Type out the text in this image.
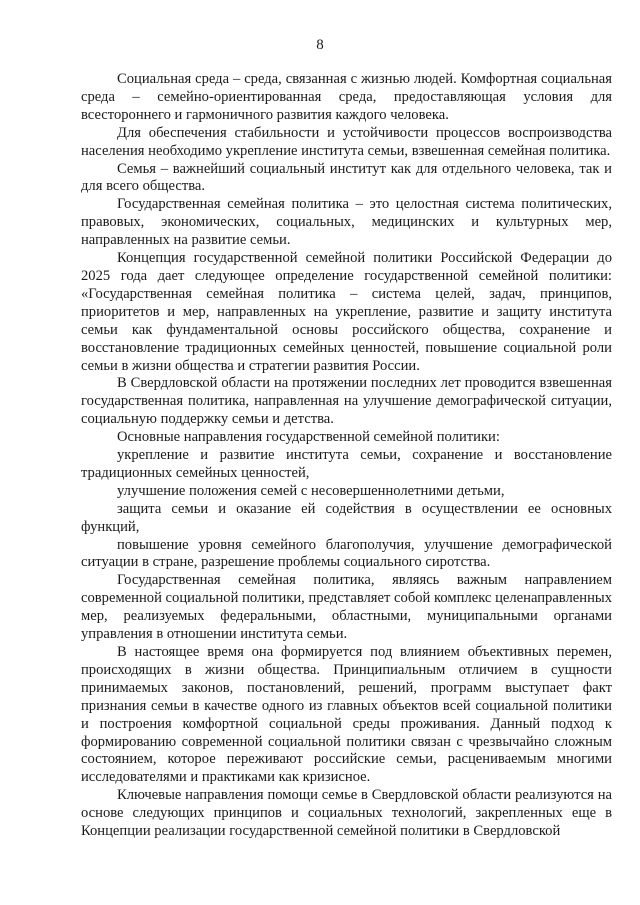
8

Социальная среда – среда, связанная с жизнью людей. Комфортная социальная среда – семейно-ориентированная среда, предоставляющая условия для всестороннего и гармоничного развития каждого человека.

Для обеспечения стабильности и устойчивости процессов воспроизводства населения необходимо укрепление института семьи, взвешенная семейная политика.

Семья – важнейший социальный институт как для отдельного человека, так и для всего общества.

Государственная семейная политика – это целостная система политических, правовых, экономических, социальных, медицинских и культурных мер, направленных на развитие семьи.

Концепция государственной семейной политики Российской Федерации до 2025 года дает следующее определение государственной семейной политики: «Государственная семейная политика – система целей, задач, принципов, приоритетов и мер, направленных на укрепление, развитие и защиту института семьи как фундаментальной основы российского общества, сохранение и восстановление традиционных семейных ценностей, повышение социальной роли семьи в жизни общества и стратегии развития России.

В Свердловской области на протяжении последних лет проводится взвешенная государственная политика, направленная на улучшение демографической ситуации, социальную поддержку семьи и детства.

Основные направления государственной семейной политики:

укрепление и развитие института семьи, сохранение и восстановление традиционных семейных ценностей,

улучшение положения семей с несовершеннолетними детьми,

защита семьи и оказание ей содействия в осуществлении ее основных функций,

повышение уровня семейного благополучия, улучшение демографической ситуации в стране, разрешение проблемы социального сиротства.

Государственная семейная политика, являясь важным направлением современной социальной политики, представляет собой комплекс целенаправленных мер, реализуемых федеральными, областными, муниципальными органами управления в отношении института семьи.

В настоящее время она формируется под влиянием объективных перемен, происходящих в жизни общества. Принципиальным отличием в сущности принимаемых законов, постановлений, решений, программ выступает факт признания семьи в качестве одного из главных объектов всей социальной политики и построения комфортной социальной среды проживания. Данный подход к формированию современной социальной политики связан с чрезвычайно сложным состоянием, которое переживают российские семьи, расцениваемым многими исследователями и практиками как кризисное.

Ключевые направления помощи семье в Свердловской области реализуются на основе следующих принципов и социальных технологий, закрепленных еще в Концепции реализации государственной семейной политики в Свердловской
